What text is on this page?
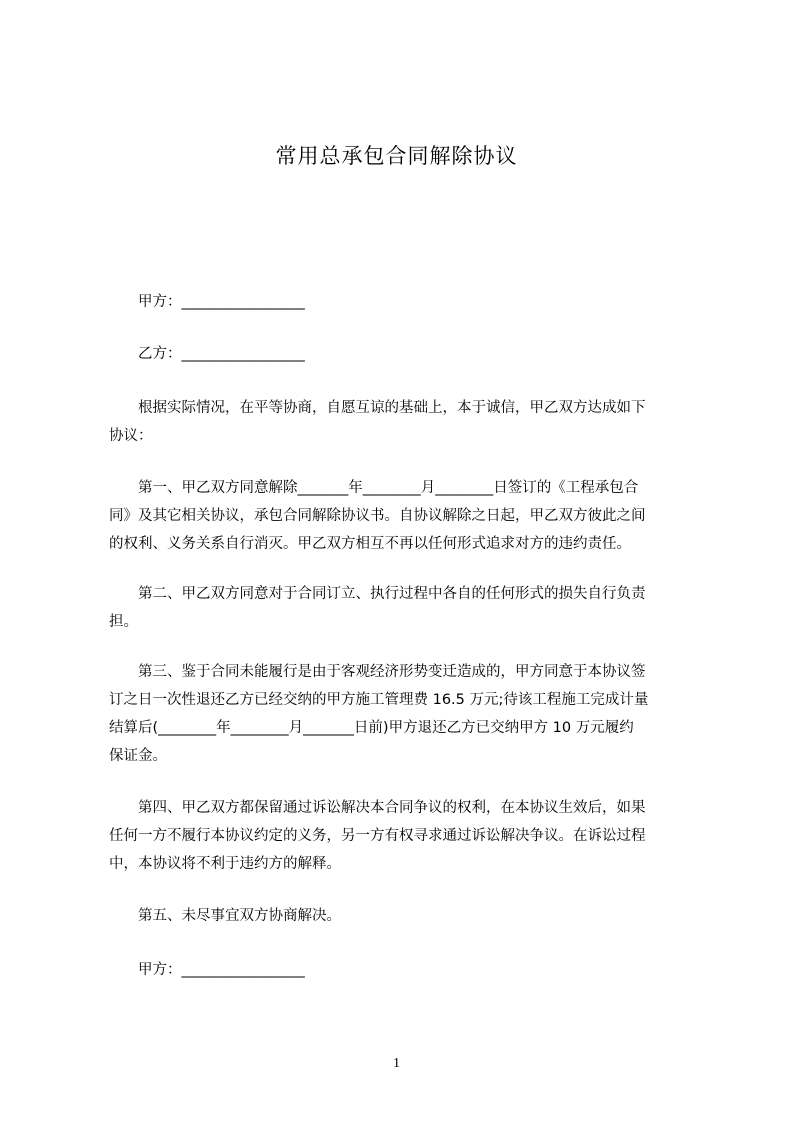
常用总承包合同解除协议
甲方：_________________
乙方：_________________
根据实际情况，在平等协商，自愿互谅的基础上，本于诚信，甲乙双方达成如下
协议：
第一、甲乙双方同意解除_______年________月________日签订的《工程承包合
同》及其它相关协议，承包合同解除协议书。自协议解除之日起，甲乙双方彼此之间
的权利、义务关系自行消灭。甲乙双方相互不再以任何形式追求对方的违约责任。
第二、甲乙双方同意对于合同订立、执行过程中各自的任何形式的损失自行负责
担。
第三、鉴于合同未能履行是由于客观经济形势变迁造成的，甲方同意于本协议签
订之日一次性退还乙方已经交纳的甲方施工管理费 16.5 万元;待该工程施工完成计量
结算后(________年________月_______日前)甲方退还乙方已交纳甲方 10 万元履约
保证金。
第四、甲乙双方都保留通过诉讼解决本合同争议的权利，在本协议生效后，如果
任何一方不履行本协议约定的义务，另一方有权寻求通过诉讼解决争议。在诉讼过程
中，本协议将不利于违约方的解释。
第五、未尽事宜双方协商解决。
甲方：_________________
1
